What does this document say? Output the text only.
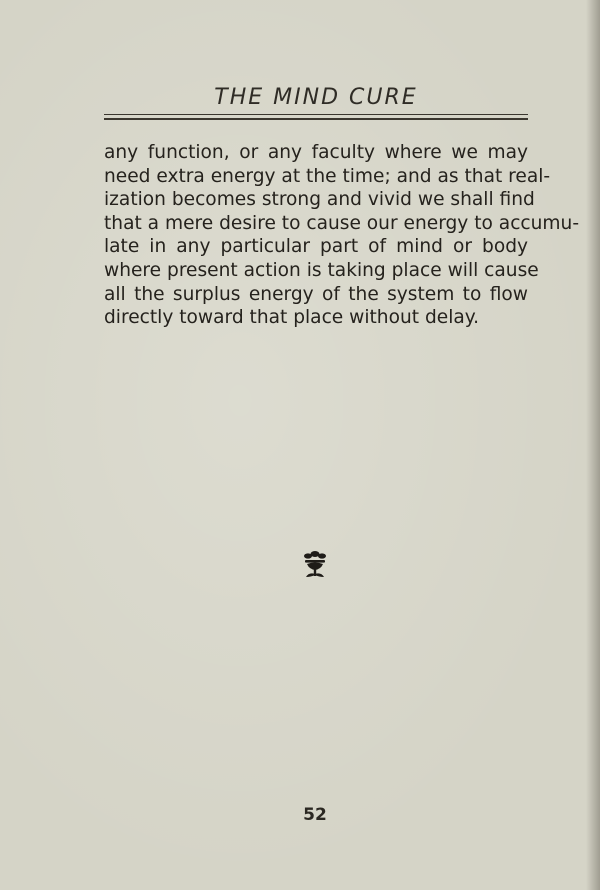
THE MIND CURE
any function, or any faculty where we may
need extra energy at the time; and as that real-
ization becomes strong and vivid we shall find
that a mere desire to cause our energy to accumu-
late in any particular part of mind or body
where present action is taking place will cause
all the surplus energy of the system to flow
directly toward that place without delay.
52
